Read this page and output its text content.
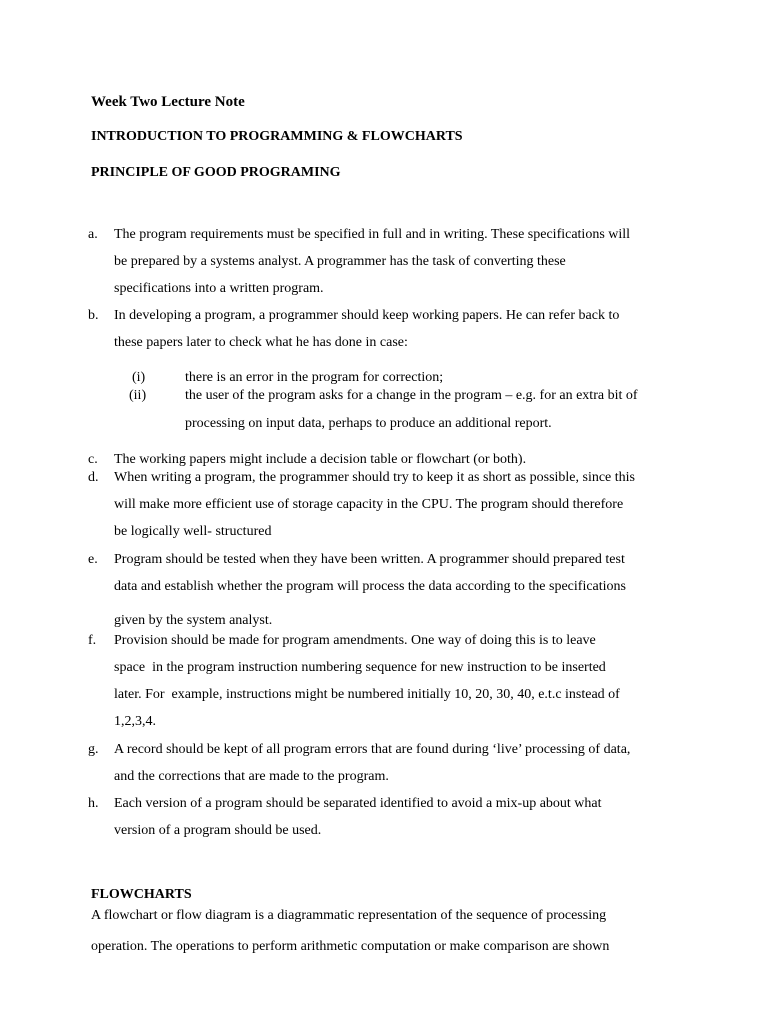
Week Two Lecture Note
INTRODUCTION TO PROGRAMMING & FLOWCHARTS
PRINCIPLE OF GOOD PROGRAMING
a. The program requirements must be specified in full and in writing. These specifications will
be prepared by a systems analyst. A programmer has the task of converting these
specifications into a written program.
b. In developing a program, a programmer should keep working papers. He can refer back to
these papers later to check what he has done in case:
(i)	there is an error in the program for correction;
(ii)	the user of the program asks for a change in the program – e.g. for an extra bit of
processing on input data, perhaps to produce an additional report.
c. The working papers might include a decision table or flowchart (or both).
d. When writing a program, the programmer should try to keep it as short as possible, since this
will make more efficient use of storage capacity in the CPU. The program should therefore
be logically well- structured
e. Program should be tested when they have been written. A programmer should prepared test
data and establish whether the program will process the data according to the specifications
given by the system analyst.
f. Provision should be made for program amendments. One way of doing this is to leave
space  in the program instruction numbering sequence for new instruction to be inserted
later. For  example, instructions might be numbered initially 10, 20, 30, 40, e.t.c instead of
1,2,3,4.
g. A record should be kept of all program errors that are found during ‘live’ processing of data,
and the corrections that are made to the program.
h. Each version of a program should be separated identified to avoid a mix-up about what
version of a program should be used.
FLOWCHARTS
A flowchart or flow diagram is a diagrammatic representation of the sequence of processing
operation. The operations to perform arithmetic computation or make comparison are shown
